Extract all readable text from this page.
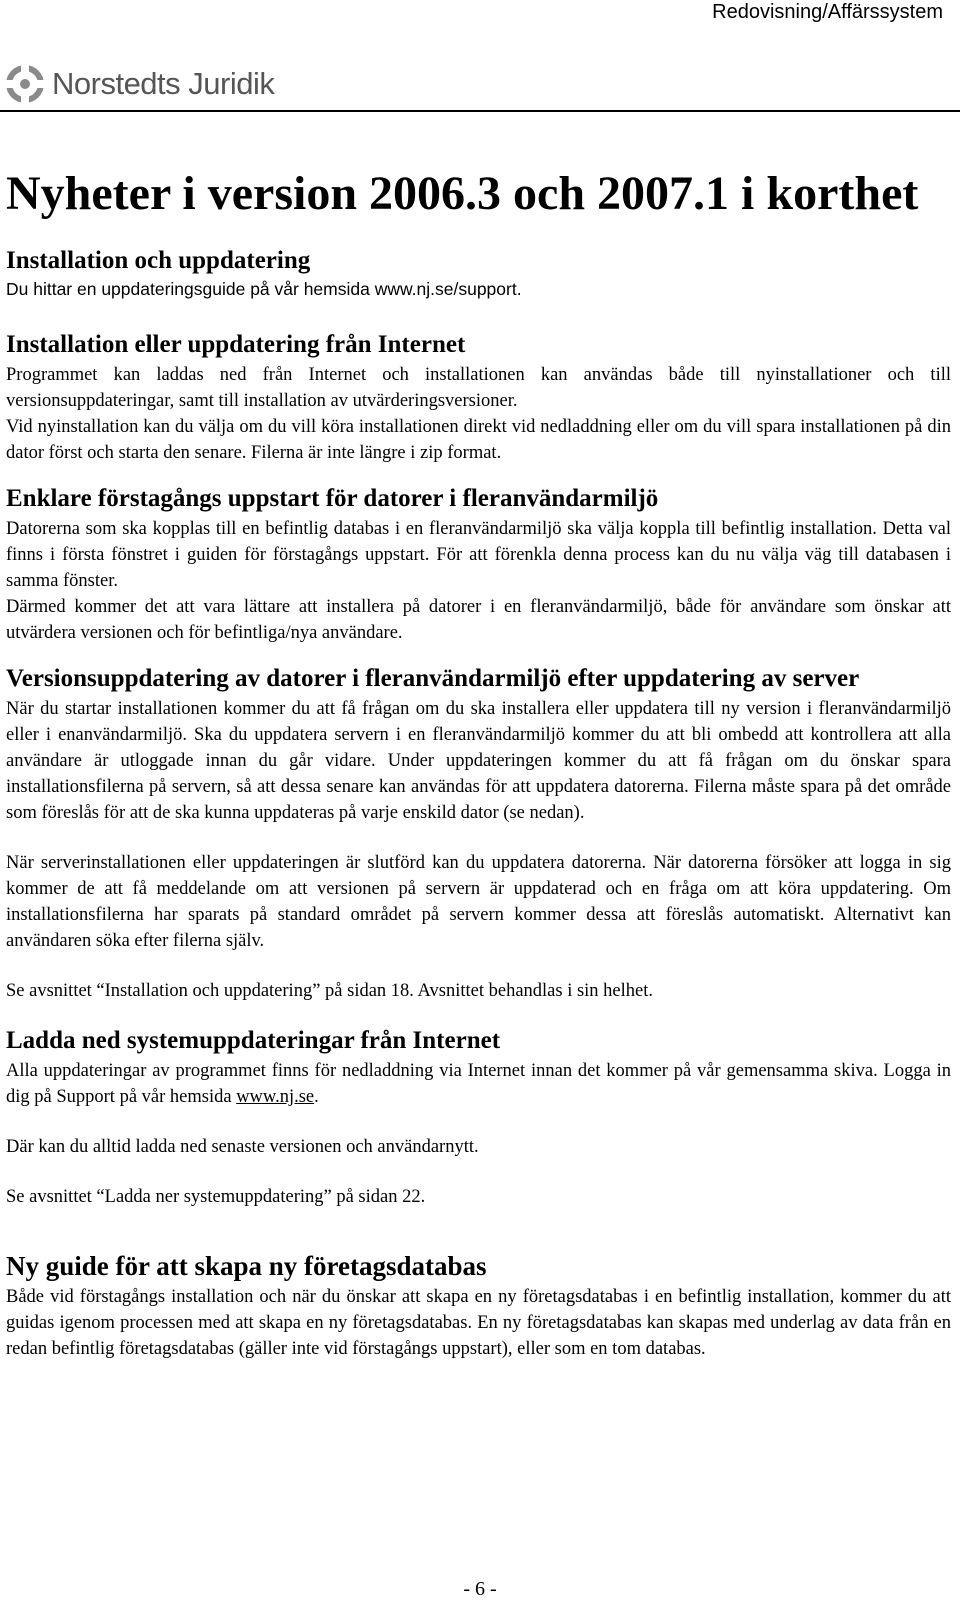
Redovisning/Affärssystem
Norstedts Juridik
Nyheter i version 2006.3 och 2007.1 i korthet
Installation och uppdatering

Du hittar en uppdateringsguide på vår hemsida www.nj.se/support.

Installation eller uppdatering från Internet

Programmet kan laddas ned från Internet och installationen kan användas både till nyinstallationer och till versionsuppdateringar, samt till installation av utvärderingsversioner.

Vid nyinstallation kan du välja om du vill köra installationen direkt vid nedladdning eller om du vill spara installationen på din dator först och starta den senare. Filerna är inte längre i zip format.

Enklare förstagångs uppstart för datorer i fleranvändarmiljö

Datorerna som ska kopplas till en befintlig databas i en fleranvändarmiljö ska välja koppla till befintlig installation. Detta val finns i första fönstret i guiden för förstagångs uppstart. För att förenkla denna process kan du nu välja väg till databasen i samma fönster.

Därmed kommer det att vara lättare att installera på datorer i en fleranvändarmiljö, både för användare som önskar att utvärdera versionen och för befintliga/nya användare.

Versionsuppdatering av datorer i fleranvändarmiljö efter uppdatering av server

När du startar installationen kommer du att få frågan om du ska installera eller uppdatera till ny version i fleranvändarmiljö eller i enanvändarmiljö. Ska du uppdatera servern i en fleranvändarmiljö kommer du att bli ombedd att kontrollera att alla användare är utloggade innan du går vidare. Under uppdateringen kommer du att få frågan om du önskar spara installationsfilerna på servern, så att dessa senare kan användas för att uppdatera datorerna. Filerna måste spara på det område som föreslås för att de ska kunna uppdateras på varje enskild dator (se nedan).

När serverinstallationen eller uppdateringen är slutförd kan du uppdatera datorerna. När datorerna försöker att logga in sig kommer de att få meddelande om att versionen på servern är uppdaterad och en fråga om att köra uppdatering. Om installationsfilerna har sparats på standard området på servern kommer dessa att föreslås automatiskt. Alternativt kan användaren söka efter filerna själv.

Se avsnittet “Installation och uppdatering” på sidan 18. Avsnittet behandlas i sin helhet.

Ladda ned systemuppdateringar från Internet

Alla uppdateringar av programmet finns för nedladdning via Internet innan det kommer på vår gemensamma skiva. Logga in dig på Support på vår hemsida www.nj.se.

Där kan du alltid ladda ned senaste versionen och användarnytt.

Se avsnittet “Ladda ner systemuppdatering” på sidan 22.

Ny guide för att skapa ny företagsdatabas

Både vid förstagångs installation och när du önskar att skapa en ny företagsdatabas i en befintlig installation, kommer du att guidas igenom processen med att skapa en ny företagsdatabas. En ny företagsdatabas kan skapas med underlag av data från en redan befintlig företagsdatabas (gäller inte vid förstagångs uppstart), eller som en tom databas.

- 6 -
